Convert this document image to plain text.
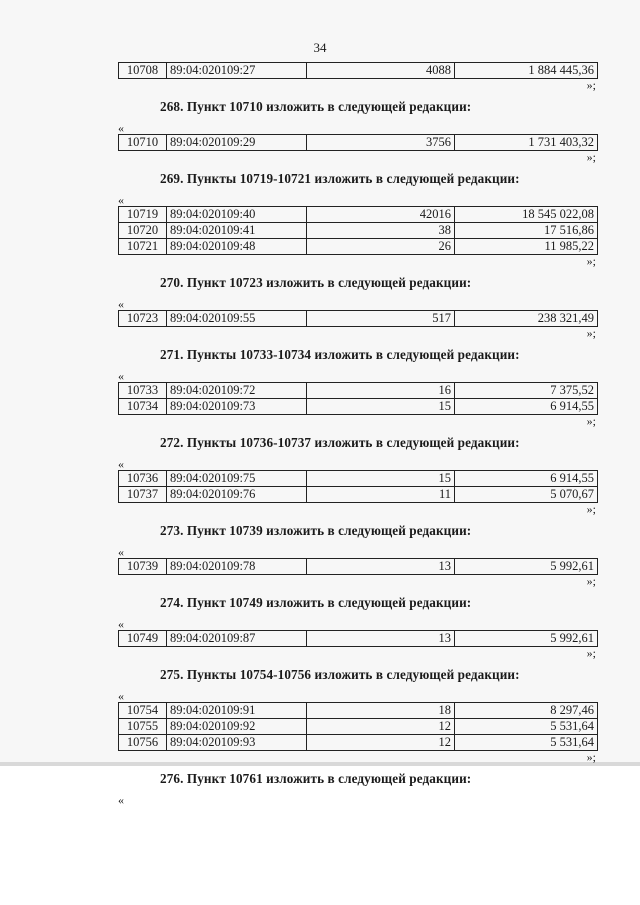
34
10708	89:04:020109:27	4088	1 884 445,36
»;
268. Пункт 10710 изложить в следующей редакции:
«
10710	89:04:020109:29	3756	1 731 403,32
»;
269. Пункты 10719-10721 изложить в следующей редакции:
«
10719	89:04:020109:40	42016	18 545 022,08
10720	89:04:020109:41	38	17 516,86
10721	89:04:020109:48	26	11 985,22
»;
270. Пункт 10723 изложить в следующей редакции:
«
10723	89:04:020109:55	517	238 321,49
»;
271. Пункты 10733-10734 изложить в следующей редакции:
«
10733	89:04:020109:72	16	7 375,52
10734	89:04:020109:73	15	6 914,55
»;
272. Пункты 10736-10737 изложить в следующей редакции:
«
10736	89:04:020109:75	15	6 914,55
10737	89:04:020109:76	11	5 070,67
»;
273. Пункт 10739 изложить в следующей редакции:
«
10739	89:04:020109:78	13	5 992,61
»;
274. Пункт 10749 изложить в следующей редакции:
«
10749	89:04:020109:87	13	5 992,61
»;
275. Пункты 10754-10756 изложить в следующей редакции:
«
10754	89:04:020109:91	18	8 297,46
10755	89:04:020109:92	12	5 531,64
10756	89:04:020109:93	12	5 531,64
»;
276. Пункт 10761 изложить в следующей редакции:
«
